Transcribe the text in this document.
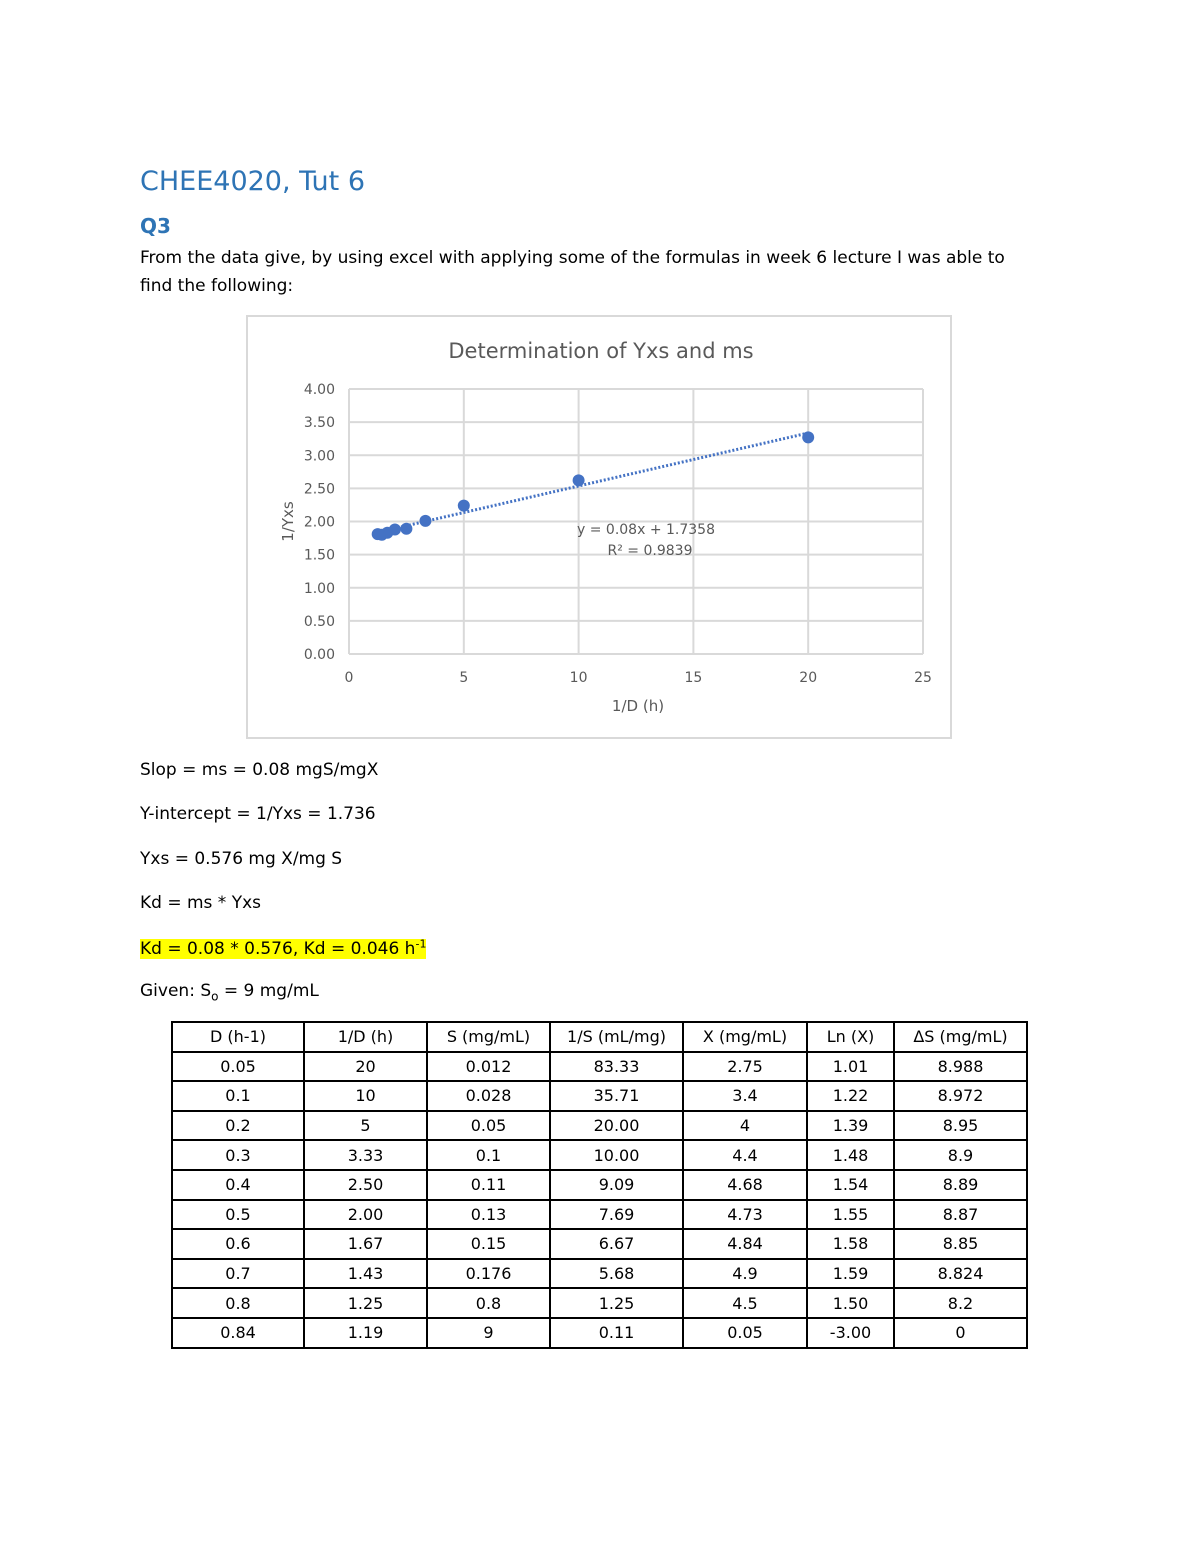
CHEE4020, Tut 6
Q3

From the data give, by using excel with applying some of the formulas in week 6 lecture I was able to find the following:

0.00
0.50
1.00
1.50
2.00
2.50
3.00
3.50
4.00
0	5	10	15	20	25
Determination of Yxs and ms
1/D (h)
1/Yxs	y = 0.08x + 1.7358
R² = 0.9839

Slop = ms = 0.08 mgS/mgX

Y-intercept = 1/Yxs = 1.736

Yxs = 0.576 mg X/mg S

Kd = ms * Yxs

Kd = 0.08 * 0.576, Kd = 0.046 $h^{-1}$

Given: $S_o = 9$ mg/mL

D (h-1)	1/D (h)	S (mg/mL)	1/S (mL/mg)	X (mg/mL)	Ln (X)	ΔS (mg/mL)
0.05	20	0.012	83.33	2.75	1.01	8.988
0.1	10	0.028	35.71	3.4	1.22	8.972
0.2	5	0.05	20.00	4	1.39	8.95
0.3	3.33	0.1	10.00	4.4	1.48	8.9
0.4	2.50	0.11	9.09	4.68	1.54	8.89
0.5	2.00	0.13	7.69	4.73	1.55	8.87
0.6	1.67	0.15	6.67	4.84	1.58	8.85
0.7	1.43	0.176	5.68	4.9	1.59	8.824
0.8	1.25	0.8	1.25	4.5	1.50	8.2
0.84	1.19	9	0.11	0.05	-3.00	0
